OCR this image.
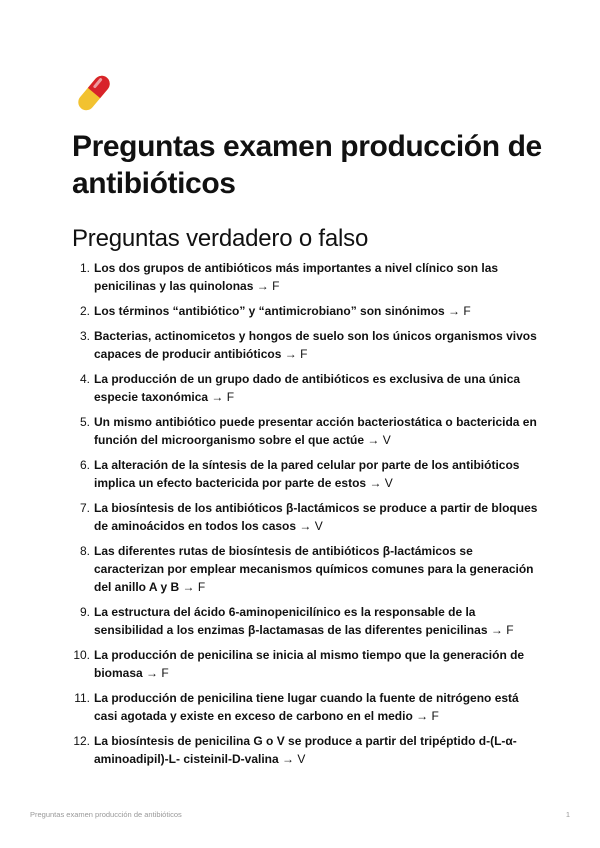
Preguntas examen producción de antibióticos
Preguntas verdadero o falso
1. Los dos grupos de antibióticos más importantes a nivel clínico son las penicilinas y las quinolonas → F
2. Los términos “antibiótico” y “antimicrobiano” son sinónimos → F
3. Bacterias, actinomicetos y hongos de suelo son los únicos organismos vivos capaces de producir antibióticos → F
4. La producción de un grupo dado de antibióticos es exclusiva de una única especie taxonómica → F
5. Un mismo antibiótico puede presentar acción bacteriostática o bactericida en función del microorganismo sobre el que actúe → V
6. La alteración de la síntesis de la pared celular por parte de los antibióticos implica un efecto bactericida por parte de estos → V
7. La biosíntesis de los antibióticos β-lactámicos se produce a partir de bloques de aminoácidos en todos los casos → V
8. Las diferentes rutas de biosíntesis de antibióticos β-lactámicos se caracterizan por emplear mecanismos químicos comunes para la generación del anillo A y B → F
9. La estructura del ácido 6-aminopenicilínico es la responsable de la sensibilidad a los enzimas β-lactamasas de las diferentes penicilinas → F
10. La producción de penicilina se inicia al mismo tiempo que la generación de biomasa → F
11. La producción de penicilina tiene lugar cuando la fuente de nitrógeno está casi agotada y existe en exceso de carbono en el medio → F
12. La biosíntesis de penicilina G o V se produce a partir del tripéptido d-(L-α-aminoadipil)-L- cisteinil-D-valina → V
Preguntas examen producción de antibióticos	1
